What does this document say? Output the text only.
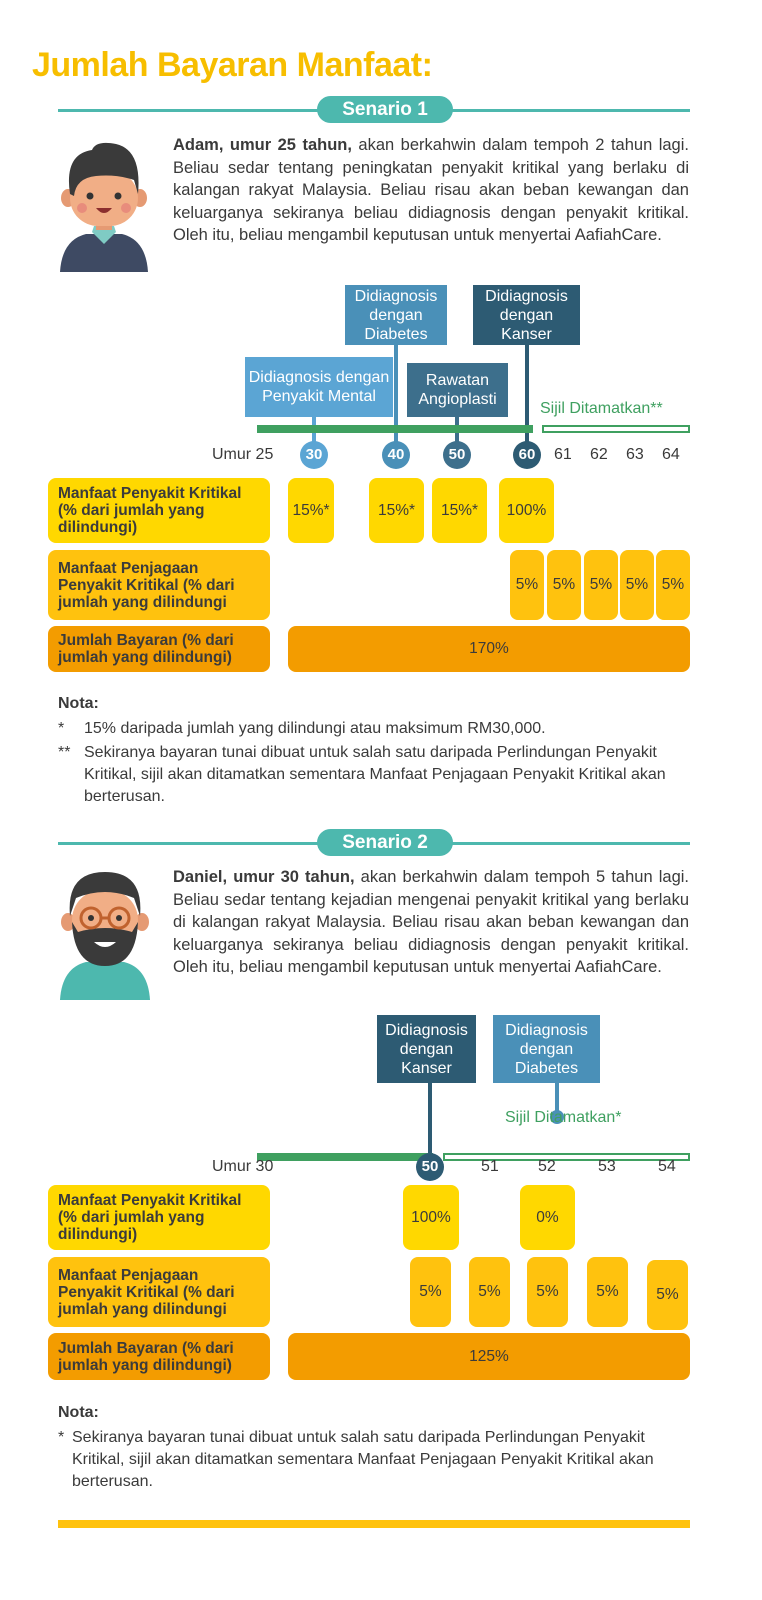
Jumlah Bayaran Manfaat:
Senario 1

Adam, umur 25 tahun, akan berkahwin dalam tempoh 2 tahun lagi. Beliau sedar tentang peningkatan penyakit kritikal yang berlaku di kalangan rakyat Malaysia. Beliau risau akan beban kewangan dan keluarganya sekiranya beliau didiagnosis dengan penyakit kritikal. Oleh itu, beliau mengambil keputusan untuk menyertai AafiahCare.

Sijil Ditamatkan**
Didiagnosis dengan Penyakit Mental
Didiagnosis dengan Diabetes
Rawatan Angioplasti
Didiagnosis dengan Kanser
Umur 25	30	40	50	60	61 62 63 64
Manfaat Penyakit Kritikal (% dari jumlah yang dilindungi)
15%*	15%*	15%*	100%
Manfaat Penjagaan Penyakit Kritikal (% dari jumlah yang dilindungi
5% 5% 5% 5% 5%
Jumlah Bayaran (% dari jumlah yang dilindungi)
170%
Nota:
*	15% daripada jumlah yang dilindungi atau maksimum RM30,000.
** Sekiranya bayaran tunai dibuat untuk salah satu daripada Perlindungan Penyakit Kritikal, sijil akan ditamatkan sementara Manfaat Penjagaan Penyakit Kritikal akan berterusan.
Senario 2

Daniel, umur 30 tahun, akan berkahwin dalam tempoh 5 tahun lagi. Beliau sedar tentang kejadian mengenai penyakit kritikal yang berlaku di kalangan rakyat Malaysia. Beliau risau akan beban kewangan dan keluarganya sekiranya beliau didiagnosis dengan penyakit kritikal. Oleh itu, beliau mengambil keputusan untuk menyertai AafiahCare.

Didiagnosis dengan Kanser
Didiagnosis dengan Diabetes
Sijil Ditamatkan*
Umur 30	50	51 52	53	54
Manfaat Penyakit Kritikal (% dari jumlah yang dilindungi)
100%	0%
Manfaat Penjagaan Penyakit Kritikal (% dari jumlah yang dilindungi
5%	5%	5%	5%	5%
Jumlah Bayaran (% dari jumlah yang dilindungi)
125%
Nota:
* Sekiranya bayaran tunai dibuat untuk salah satu daripada Perlindungan Penyakit Kritikal, sijil akan ditamatkan sementara Manfaat Penjagaan Penyakit Kritikal akan berterusan.
